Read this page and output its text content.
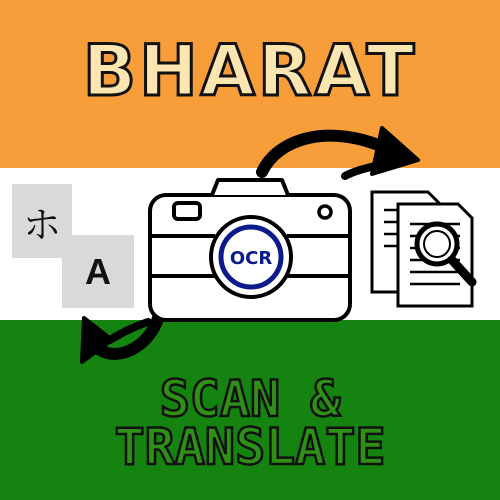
BHARAT
ホ
A	OCR
SCAN &
TRANSLATE
